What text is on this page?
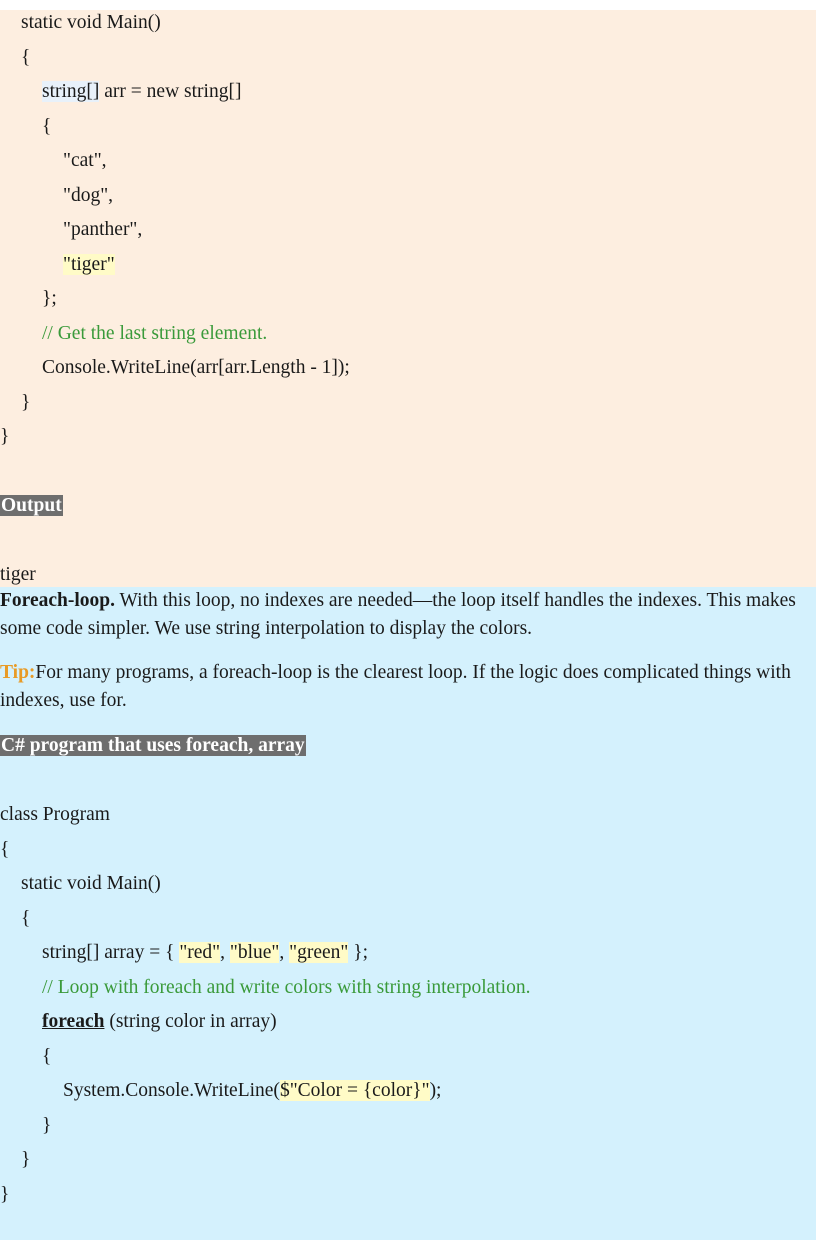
static void Main()
{
string[] arr = new string[]
{
"cat",
"dog",
"panther",
"tiger"
};
// Get the last string element.
Console.WriteLine(arr[arr.Length - 1]);
}
}
Output
tiger
Foreach-loop. With this loop, no indexes are needed—the loop itself handles the indexes. This makes some code simpler. We use string interpolation to display the colors.
Tip:For many programs, a foreach-loop is the clearest loop. If the logic does complicated things with indexes, use for.
C# program that uses foreach, array
class Program
{
static void Main()
{
string[] array = { "red", "blue", "green" };
// Loop with foreach and write colors with string interpolation.
foreach (string color in array)
{
System.Console.WriteLine($"Color = {color}");
}
}
}
